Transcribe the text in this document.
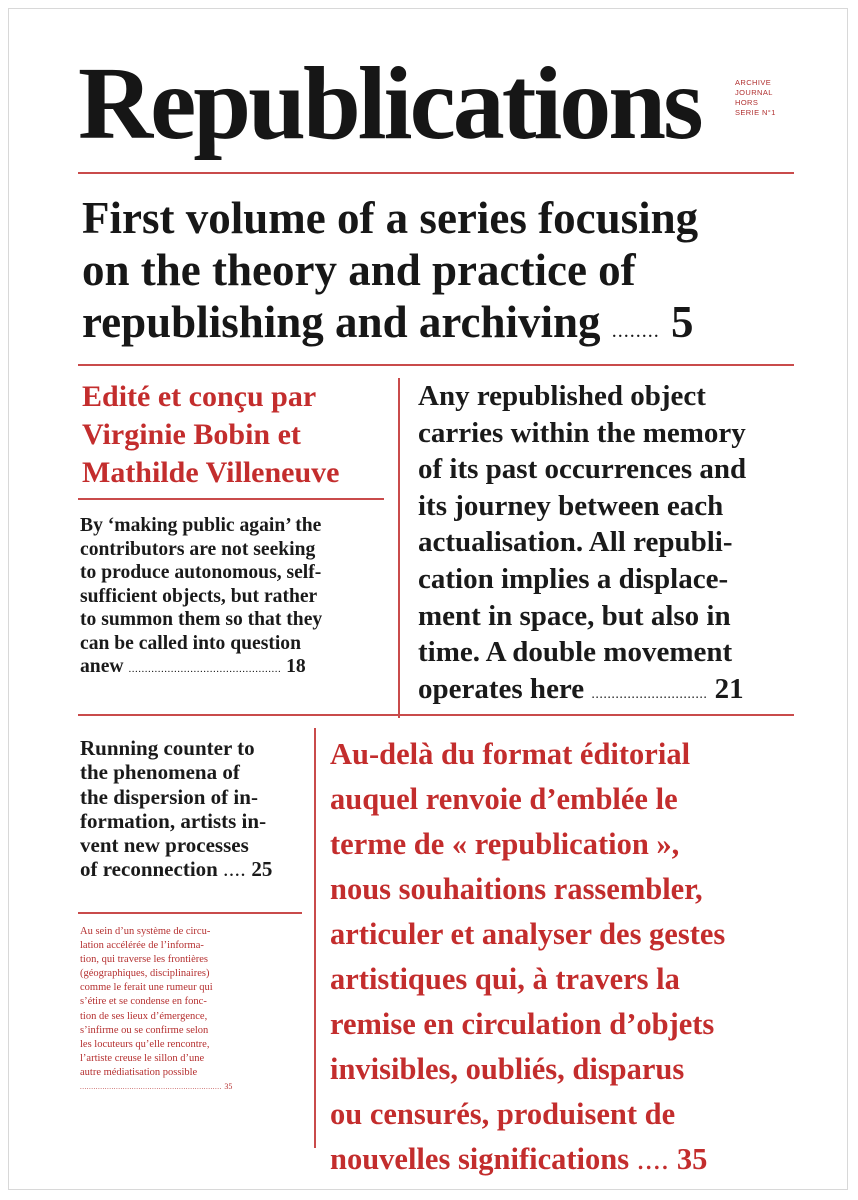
Republications	ARCHIVE
JOURNAL
HORS
SERIE N°1
First volume of a series focusing
on the theory and practice of
republishing and archiving ........ 5
Edité et conçu par
Virginie Bobin et
Mathilde Villeneuve
By ‘making public again’ the
contributors are not seeking
to produce autonomous, self-
sufficient objects, but rather
to summon them so that they
can be called into question
anew ............................................... 18
Any republished object
carries within the memory
of its past occurrences and
its journey between each
actualisation. All republi-
cation implies a displace-
ment in space, but also in
time. A double movement
operates here ............................. 21
Running counter to
the phenomena of
the dispersion of in-
formation, artists in-
vent new processes
of reconnection .... 25
Au sein d’un système de circu-
lation accélérée de l’informa-
tion, qui traverse les frontières
(géographiques, disciplinaires)
comme le ferait une rumeur qui
s’étire et se condense en fonc-
tion de ses lieux d’émergence,
s’infirme ou se confirme selon
les locuteurs qu’elle rencontre,
l’artiste creuse le sillon d’une
autre médiatisation possible
............................................................... 35
Au-delà du format éditorial
auquel renvoie d’emblée le
terme de « republication »,
nous souhaitions rassembler,
articuler et analyser des gestes
artistiques qui, à travers la
remise en circulation d’objets
invisibles, oubliés, disparus
ou censurés, produisent de
nouvelles significations .... 35
